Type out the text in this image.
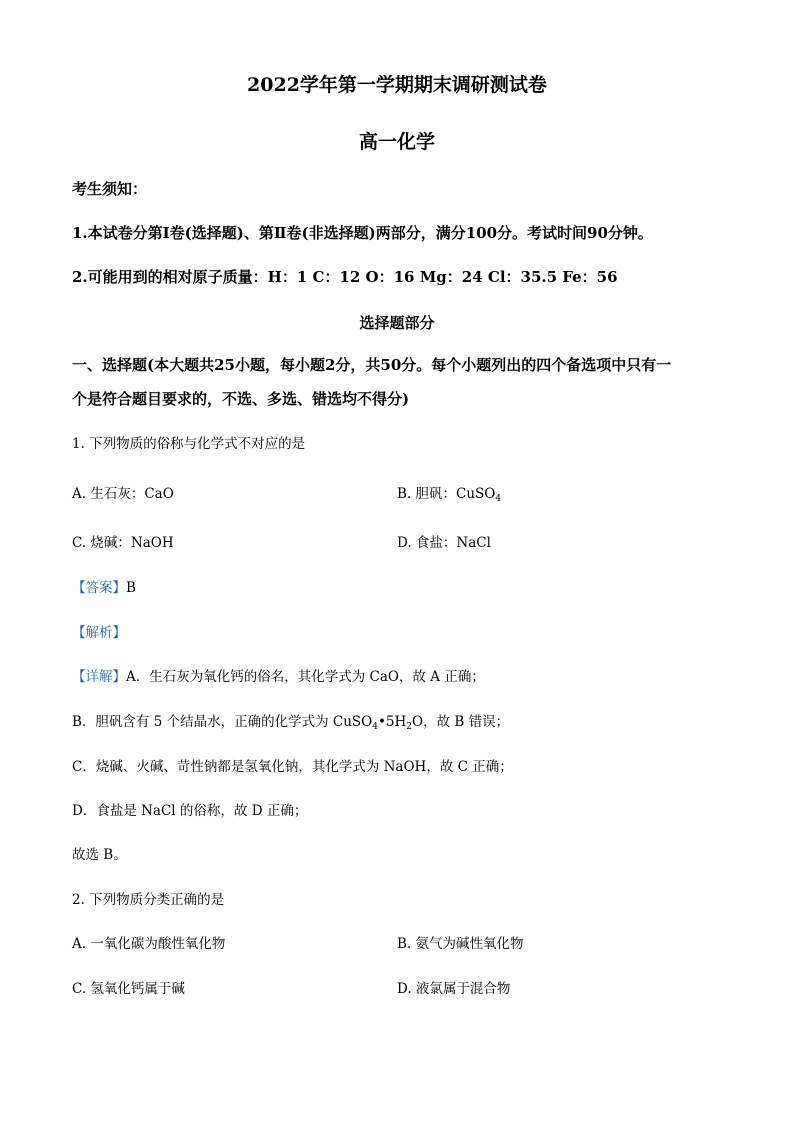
2022学年第一学期期末调研测试卷
高一化学
考生须知：
1.本试卷分第Ⅰ卷(选择题)、第Ⅱ卷(非选择题)两部分，满分100分。考试时间90分钟。
2.可能用到的相对原子质量：H：1 C：12 O：16 Mg：24 Cl：35.5 Fe：56
选择题部分
一、选择题(本大题共25小题，每小题2分，共50分。每个小题列出的四个备选项中只有一
个是符合题目要求的，不选、多选、错选均不得分)
1. 下列物质的俗称与化学式不对应的是
A. 生石灰：CaO	B. 胆矾：CuSO$_4$
C. 烧碱：NaOH	D. 食盐：NaCl
【答案】B
【解析】
【详解】A．生石灰为氧化钙的俗名，其化学式为 CaO，故 A 正确；
B．胆矾含有 5 个结晶水，正确的化学式为 $CuSO_4•5H_2O$，故 B 错误；
C．烧碱、火碱、苛性钠都是氢氧化钠，其化学式为 NaOH，故 C 正确；
D．食盐是 NaCl 的俗称，故 D 正确；
故选 B。
2. 下列物质分类正确的是
A. 一氧化碳为酸性氧化物	B. 氨气为碱性氧化物
C. 氢氧化钙属于碱	D. 液氯属于混合物
